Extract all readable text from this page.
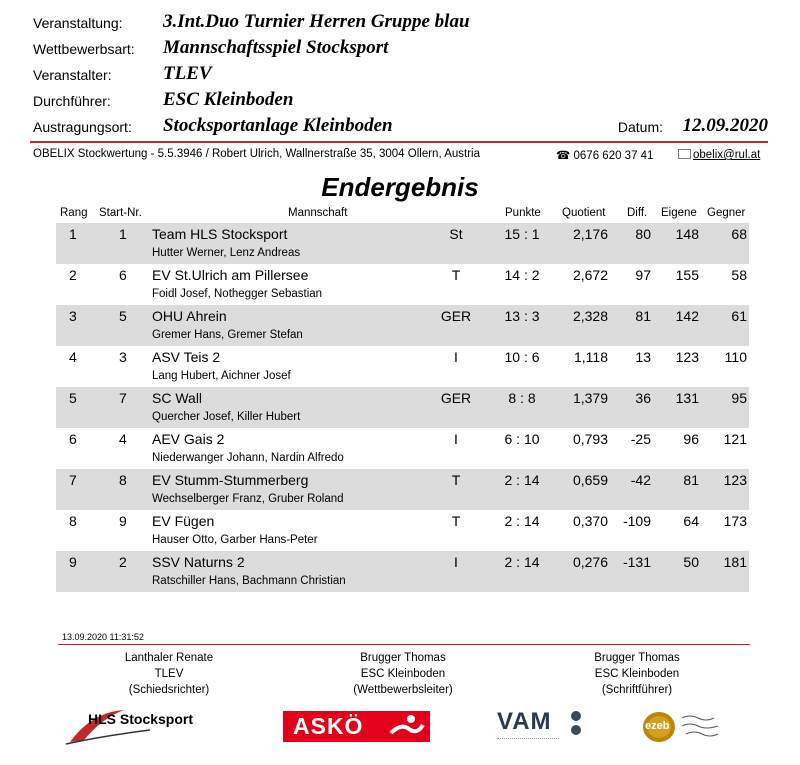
Veranstaltung: 3.Int.Duo Turnier Herren Gruppe blau
Wettbewerbsart: Mannschaftsspiel Stocksport
Veranstalter:	TLEV
Durchführer:	ESC Kleinboden
Austragungsort: Stocksportanlage Kleinboden	Datum: 12.09.2020
OBELIX Stockwertung - 5.5.3946 / Robert Ulrich, Wallnerstraße 35, 3004 Ollern, Austria	☎ 0676 620 37 41	obelix@rul.at
Endergebnis
Rang Start-Nr.	Mannschaft	Punkte Quotient Diff. Eigene Gegner
1	1 Team HLS Stocksport	St	15 : 1	2,176	80	148	68
Hutter Werner, Lenz Andreas
2	6 EV St.Ulrich am Pillersee	T	14 : 2	2,672	97	155	58
Foidl Josef, Nothegger Sebastian
3	5 OHU Ahrein	GER	13 : 3	2,328	81	142	61
Gremer Hans, Gremer Stefan
4	3 ASV Teis 2	I	10 : 6	1,118	13	123	110
Lang Hubert, Aichner Josef
5	7 SC Wall	GER	8 : 8	1,379	36	131	95
Quercher Josef, Killer Hubert
6	4 AEV Gais 2	I	6 : 10	0,793	-25	96	121
Niederwanger Johann, Nardin Alfredo
7	8 EV Stumm-Stummerberg	T	2 : 14	0,659	-42	81	123
Wechselberger Franz, Gruber Roland
8	9 EV Fügen	T	2 : 14	0,370	-109	64	173
Hauser Otto, Garber Hans-Peter
9	2 SSV Naturns 2	I	2 : 14	0,276	-131	50	181
Ratschiller Hans, Bachmann Christian
13.09.2020 11:31:52
Lanthaler Renate
TLEV
(Schiedsrichter)
Brugger Thomas
ESC Kleinboden
(Wettbewerbsleiter)
Brugger Thomas
ESC Kleinboden
(Schriftführer)
HLS Stocksport	ASKÖ	VAM	ezeb
